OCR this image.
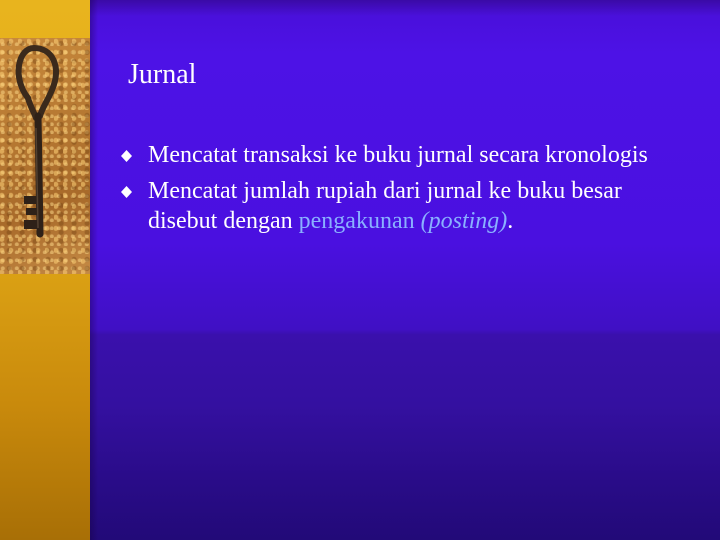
Jurnal
Mencatat transaksi ke buku jurnal secara kronologis
Mencatat jumlah rupiah dari jurnal ke buku besar disebut dengan pengakunan (posting).
